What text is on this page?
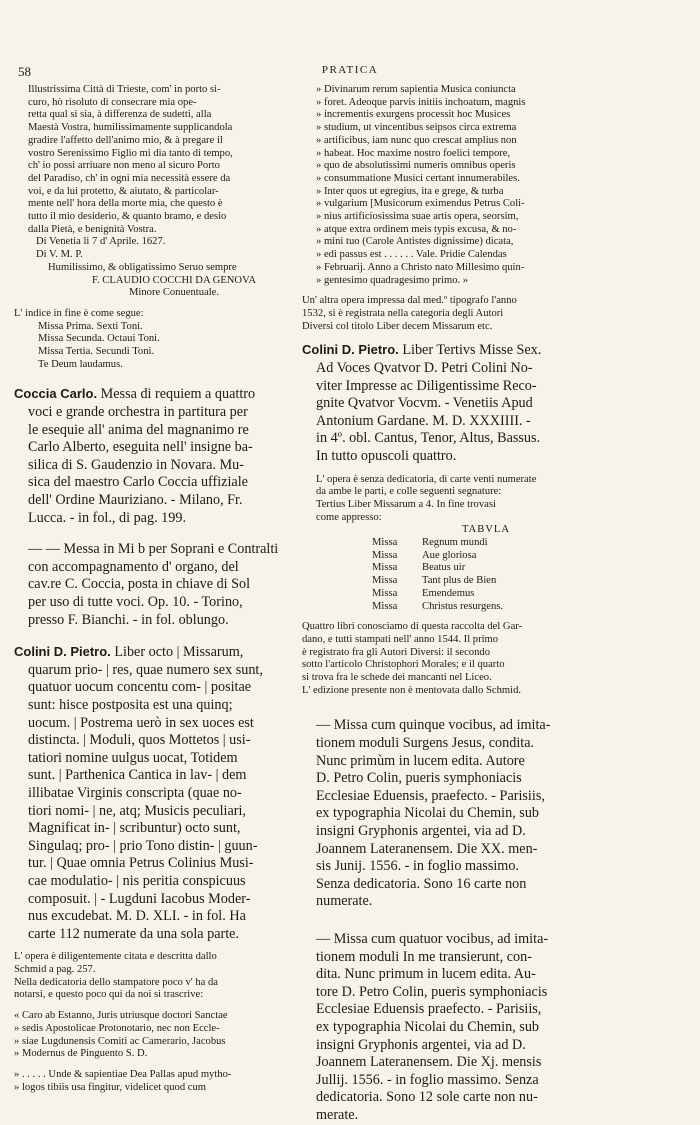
58	PRATICA
Illustrissima Città di Trieste, com' in porto si-
curo, hò risoluto di consecrare mia ope-
retta qual si sia, à differenza de sudetti, alla
Maestà Vostra, humilissimamente supplicandola
gradire l'affetto dell'animo mio, & à pregare il
vostro Serenissimo Figlio mi dia tanto di tempo,
ch' io possi arriuare non meno al sicuro Porto
del Paradiso, ch' in ogni mia necessità essere da
voi, e da lui protetto, & aiutato, & particolar-
mente nell' hora della morte mia, che questo è
tutto il mio desiderio, & quanto bramo, e desio
dalla Pietà, e benignità Vostra.

Di Venetia li 7 d' Aprile. 1627.

Di V. M. P.

Humilissimo, & obligatissimo Seruo sempre

F. CLAUDIO COCCHI DA GENOVA

Minore Conuentuale.

L' indice in fine è come segue:

Missa Prima. Sexti Toni.
Missa Secunda. Octaui Toni.
Missa Tertia. Secundi Toni.
Te Deum laudamus.
Coccia Carlo. Messa di requiem a quattro
voci e grande orchestra in partitura per
le esequie all' anima del magnanimo re
Carlo Alberto, eseguita nell' insigne ba-
silica di S. Gaudenzio in Novara. Mu-
sica del maestro Carlo Coccia uffiziale
dell' Ordine Mauriziano. - Milano, Fr.
Lucca. - in fol., di pag. 199.
— — Messa in Mi b per Soprani e Contralti
con accompagnamento d' organo, del
cav.re C. Coccia, posta in chiave di Sol
per uso di tutte voci. Op. 10. - Torino,
presso F. Bianchi. - in fol. oblungo.
Colini D. Pietro. Liber octo | Missarum,
quarum prio- | res, quae numero sex sunt,
quatuor uocum concentu com- | positae
sunt: hisce postposita est una quinq;
uocum. | Postrema uerò in sex uoces est
distincta. | Moduli, quos Mottetos | usi-
tatiori nomine uulgus uocat, Totidem
sunt. | Parthenica Cantica in lav- | dem
illibatae Virginis conscripta (quae no-
tiori nomi- | ne, atq; Musicis peculiari,
Magnificat in- | scribuntur) octo sunt,
Singulaq; pro- | prio Tono distin- | guun-
tur. | Quae omnia Petrus Colinius Musi-
cae modulatio- | nis peritia conspicuus
composuit. | - Lugduni Iacobus Moder-
nus excudebat. M. D. XLI. - in fol. Ha
carte 112 numerate da una sola parte.
L' opera è diligentemente citata e descritta dallo
Schmid a pag. 257.
Nella dedicatoria dello stampatore poco v' ha da
notarsi, e questo poco qui da noi si trascrive:
« Caro ab Estanno, Juris utriusque doctori Sanctae
» sedis Apostolicae Protonotario, nec non Eccle-
» siae Lugdunensis Comiti ac Camerario, Jacobus
» Modernus de Pinguento S. D.
» . . . . . Unde & sapientiae Dea Pallas apud mytho-
» logos tibiis usa fingitur, videlicet quod cum
» Divinarum rerum sapientia Musica coniuncta
» foret. Adeoque parvis initiis inchoatum, magnis
» incrementis exurgens processit hoc Musices
» studium, ut vincentibus seipsos circa extrema
» artificibus, iam nunc quo crescat amplius non
» habeat. Hoc maxime nostro foelici tempore,
» quo de absolutissimi numeris omnibus operis
» consummatione Musici certant innumerabiles.
» Inter quos ut egregius, ita e grege, & turba
» vulgarium [Musicorum eximendus Petrus Coli-
» nius artificiosissima suae artis opera, seorsim,
» atque extra ordinem meis typis excusa, & no-
» mini tuo (Carole Antistes dignissime) dicata,
» edi passus est . . . . . . Vale. Pridie Calendas
» Februarij. Anno a Christo nato Millesimo quin-
» gentesimo quadragesimo primo. »
Un' altra opera impressa dal med.º tipografo l'anno
1532, si è registrata nella categoria degli Autori
Diversi col titolo Liber decem Missarum etc.
Colini D. Pietro. Liber Tertivs Misse Sex.
Ad Voces Qvatvor D. Petri Colini No-
viter Impresse ac Diligentissime Reco-
gnite Qvatvor Vocvm. - Venetiis Apud
Antonium Gardane. M. D. XXXIIII. -
in 4º. obl. Cantus, Tenor, Altus, Bassus.
In tutto opuscoli quattro.
L' opera è senza dedicatoria, di carte venti numerate
da ambe le parti, e colle seguenti segnature:
Tertius Liber Missarum a 4. In fine trovasi
come appresso:

TABVLA

Missa	Regnum mundi
Missa	Aue gloriosa
Missa	Beatus uir
Missa	Tant plus de Bien
Missa	Emendemus
Missa	Christus resurgens.
Quattro libri conosciamo di questa raccolta del Gar-
dano, e tutti stampati nell' anno 1544. Il primo
è registrato fra gli Autori Diversi: il secondo
sotto l'articolo Christophori Morales; e il quarto
si trova fra le schede dei mancanti nel Liceo.
L' edizione presente non è mentovata dallo Schmid.
— Missa cum quinque vocibus, ad imita-
tionem moduli Surgens Jesus, condita.
Nunc primùm in lucem edita. Autore
D. Petro Colin, pueris symphoniacis
Ecclesiae Eduensis, praefecto. - Parisiis,
ex typographia Nicolai du Chemin, sub
insigni Gryphonis argentei, via ad D.
Joannem Lateranensem. Die XX. men-
sis Junij. 1556. - in foglio massimo.
Senza dedicatoria. Sono 16 carte non
numerate.
— Missa cum quatuor vocibus, ad imita-
tionem moduli In me transierunt, con-
dita. Nunc primum in lucem edita. Au-
tore D. Petro Colin, pueris symphoniacis
Ecclesiae Eduensis praefecto. - Parisiis,
ex typographia Nicolai du Chemin, sub
insigni Gryphonis argentei, via ad D.
Joannem Lateranensem. Die Xj. mensis
Jullij. 1556. - in foglio massimo. Senza
dedicatoria. Sono 12 sole carte non nu-
merate.
